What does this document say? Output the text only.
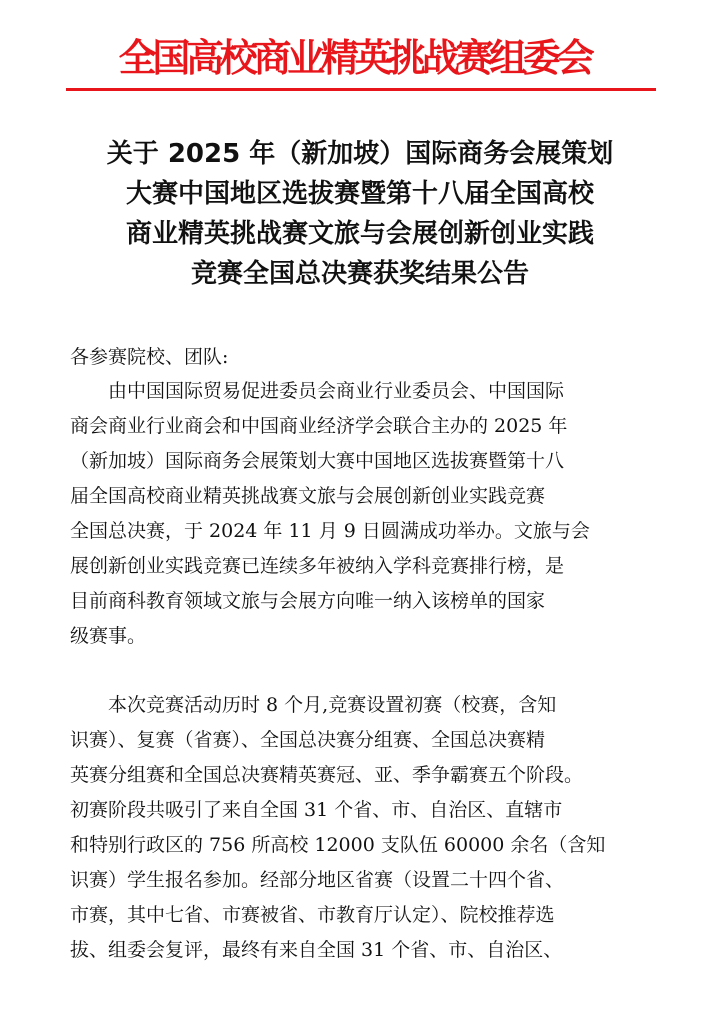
全国高校商业精英挑战赛组委会
关于 2025 年（新加坡）国际商务会展策划
大赛中国地区选拔赛暨第十八届全国高校
商业精英挑战赛文旅与会展创新创业实践
竞赛全国总决赛获奖结果公告
各参赛院校、团队:
　　由中国国际贸易促进委员会商业行业委员会、中国国际
商会商业行业商会和中国商业经济学会联合主办的 2025 年
（新加坡）国际商务会展策划大赛中国地区选拔赛暨第十八
届全国高校商业精英挑战赛文旅与会展创新创业实践竞赛
全国总决赛，于 2024 年 11 月 9 日圆满成功举办。文旅与会
展创新创业实践竞赛已连续多年被纳入学科竞赛排行榜，是
目前商科教育领域文旅与会展方向唯一纳入该榜单的国家
级赛事。
　　本次竞赛活动历时 8 个月,竞赛设置初赛（校赛，含知
识赛）、复赛（省赛）、全国总决赛分组赛、全国总决赛精
英赛分组赛和全国总决赛精英赛冠、亚、季争霸赛五个阶段。
初赛阶段共吸引了来自全国 31 个省、市、自治区、直辖市
和特别行政区的 756 所高校 12000 支队伍 60000 余名（含知
识赛）学生报名参加。经部分地区省赛（设置二十四个省、
市赛，其中七省、市赛被省、市教育厅认定）、院校推荐选
拔、组委会复评，最终有来自全国 31 个省、市、自治区、
